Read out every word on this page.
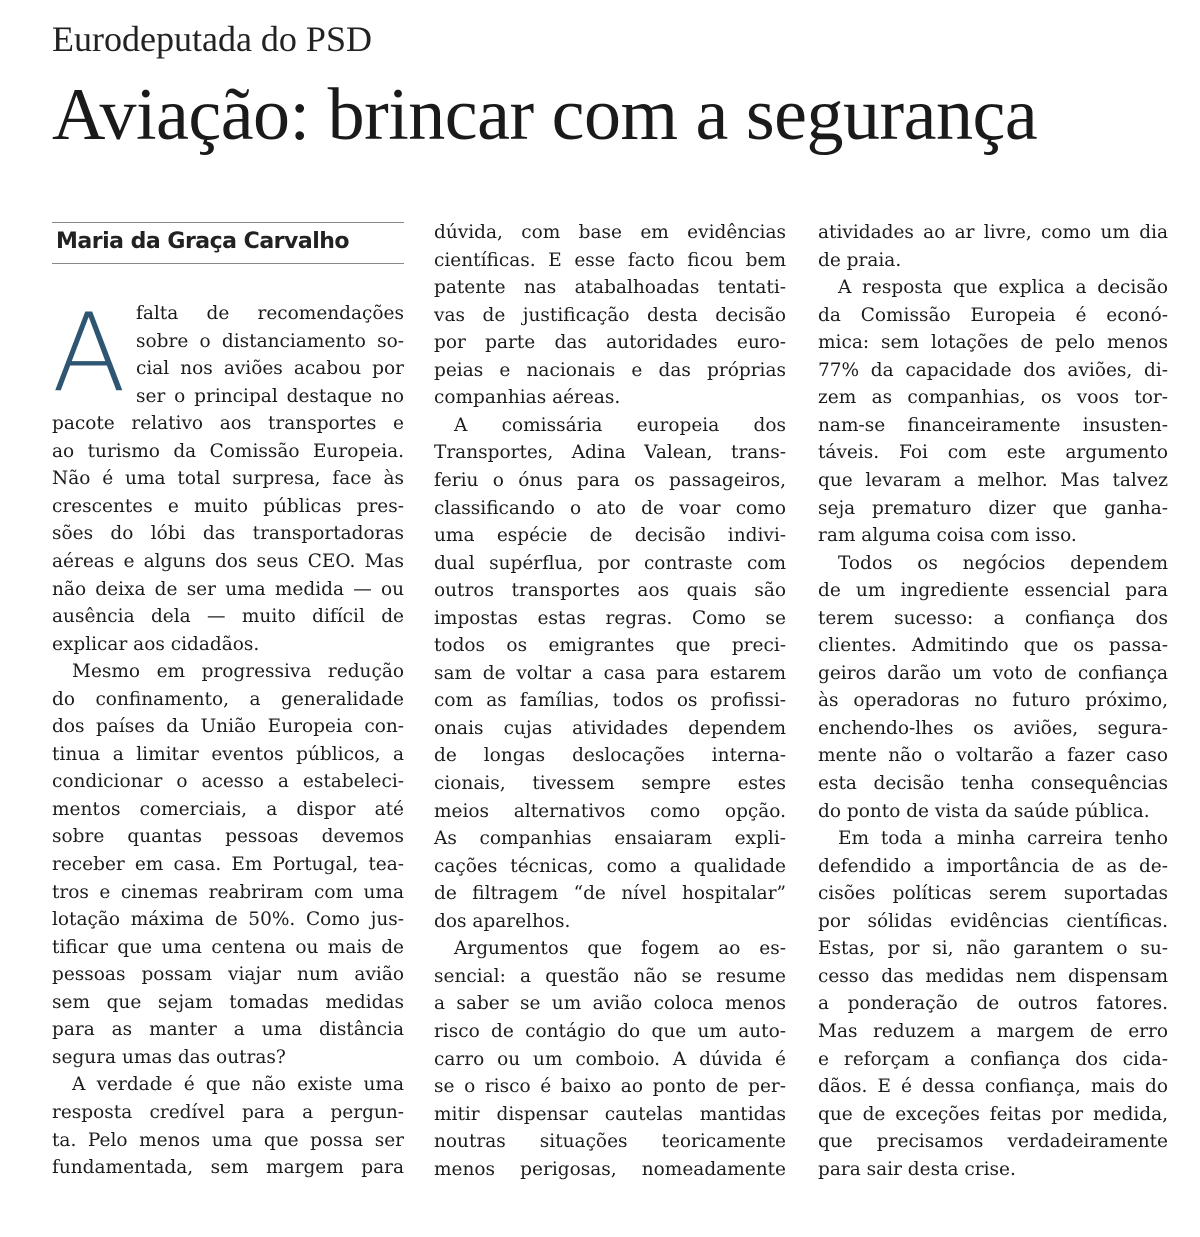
Eurodeputada do PSD
Aviação: brincar com a segurança
Maria da Graça Carvalho
A falta de recomendações
sobre o distanciamento so-
cial nos aviões acabou por
ser o principal destaque no
pacote relativo aos transportes e
ao turismo da Comissão Europeia.
Não é uma total surpresa, face às
crescentes e muito públicas pres-
sões do lóbi das transportadoras
aéreas e alguns dos seus CEO. Mas
não deixa de ser uma medida — ou
ausência dela — muito difícil de
explicar aos cidadãos.
Mesmo em progressiva redução
do confinamento, a generalidade
dos países da União Europeia con-
tinua a limitar eventos públicos, a
condicionar o acesso a estabeleci-
mentos comerciais, a dispor até
sobre quantas pessoas devemos
receber em casa. Em Portugal, tea-
tros e cinemas reabriram com uma
lotação máxima de 50%. Como jus-
tificar que uma centena ou mais de
pessoas possam viajar num avião
sem que sejam tomadas medidas
para as manter a uma distância
segura umas das outras?
A verdade é que não existe uma
resposta credível para a pergun-
ta. Pelo menos uma que possa ser
fundamentada, sem margem para
dúvida, com base em evidências
científicas. E esse facto ficou bem
patente nas atabalhoadas tentati-
vas de justificação desta decisão
por parte das autoridades euro-
peias e nacionais e das próprias
companhias aéreas.
A comissária europeia dos
Transportes, Adina Valean, trans-
feriu o ónus para os passageiros,
classificando o ato de voar como
uma espécie de decisão indivi-
dual supérflua, por contraste com
outros transportes aos quais são
impostas estas regras. Como se
todos os emigrantes que preci-
sam de voltar a casa para estarem
com as famílias, todos os profissi-
onais cujas atividades dependem
de longas deslocações interna-
cionais, tivessem sempre estes
meios alternativos como opção.
As companhias ensaiaram expli-
cações técnicas, como a qualidade
de filtragem “de nível hospitalar”
dos aparelhos.
Argumentos que fogem ao es-
sencial: a questão não se resume
a saber se um avião coloca menos
risco de contágio do que um auto-
carro ou um comboio. A dúvida é
se o risco é baixo ao ponto de per-
mitir dispensar cautelas mantidas
noutras situações teoricamente
menos perigosas, nomeadamente
atividades ao ar livre, como um dia
de praia.
A resposta que explica a decisão
da Comissão Europeia é econó-
mica: sem lotações de pelo menos
77% da capacidade dos aviões, di-
zem as companhias, os voos tor-
nam-se financeiramente insusten-
táveis. Foi com este argumento
que levaram a melhor. Mas talvez
seja prematuro dizer que ganha-
ram alguma coisa com isso.
Todos os negócios dependem
de um ingrediente essencial para
terem sucesso: a confiança dos
clientes. Admitindo que os passa-
geiros darão um voto de confiança
às operadoras no futuro próximo,
enchendo-lhes os aviões, segura-
mente não o voltarão a fazer caso
esta decisão tenha consequências
do ponto de vista da saúde pública.
Em toda a minha carreira tenho
defendido a importância de as de-
cisões políticas serem suportadas
por sólidas evidências científicas.
Estas, por si, não garantem o su-
cesso das medidas nem dispensam
a ponderação de outros fatores.
Mas reduzem a margem de erro
e reforçam a confiança dos cida-
dãos. E é dessa confiança, mais do
que de exceções feitas por medida,
que precisamos verdadeiramente
para sair desta crise.
